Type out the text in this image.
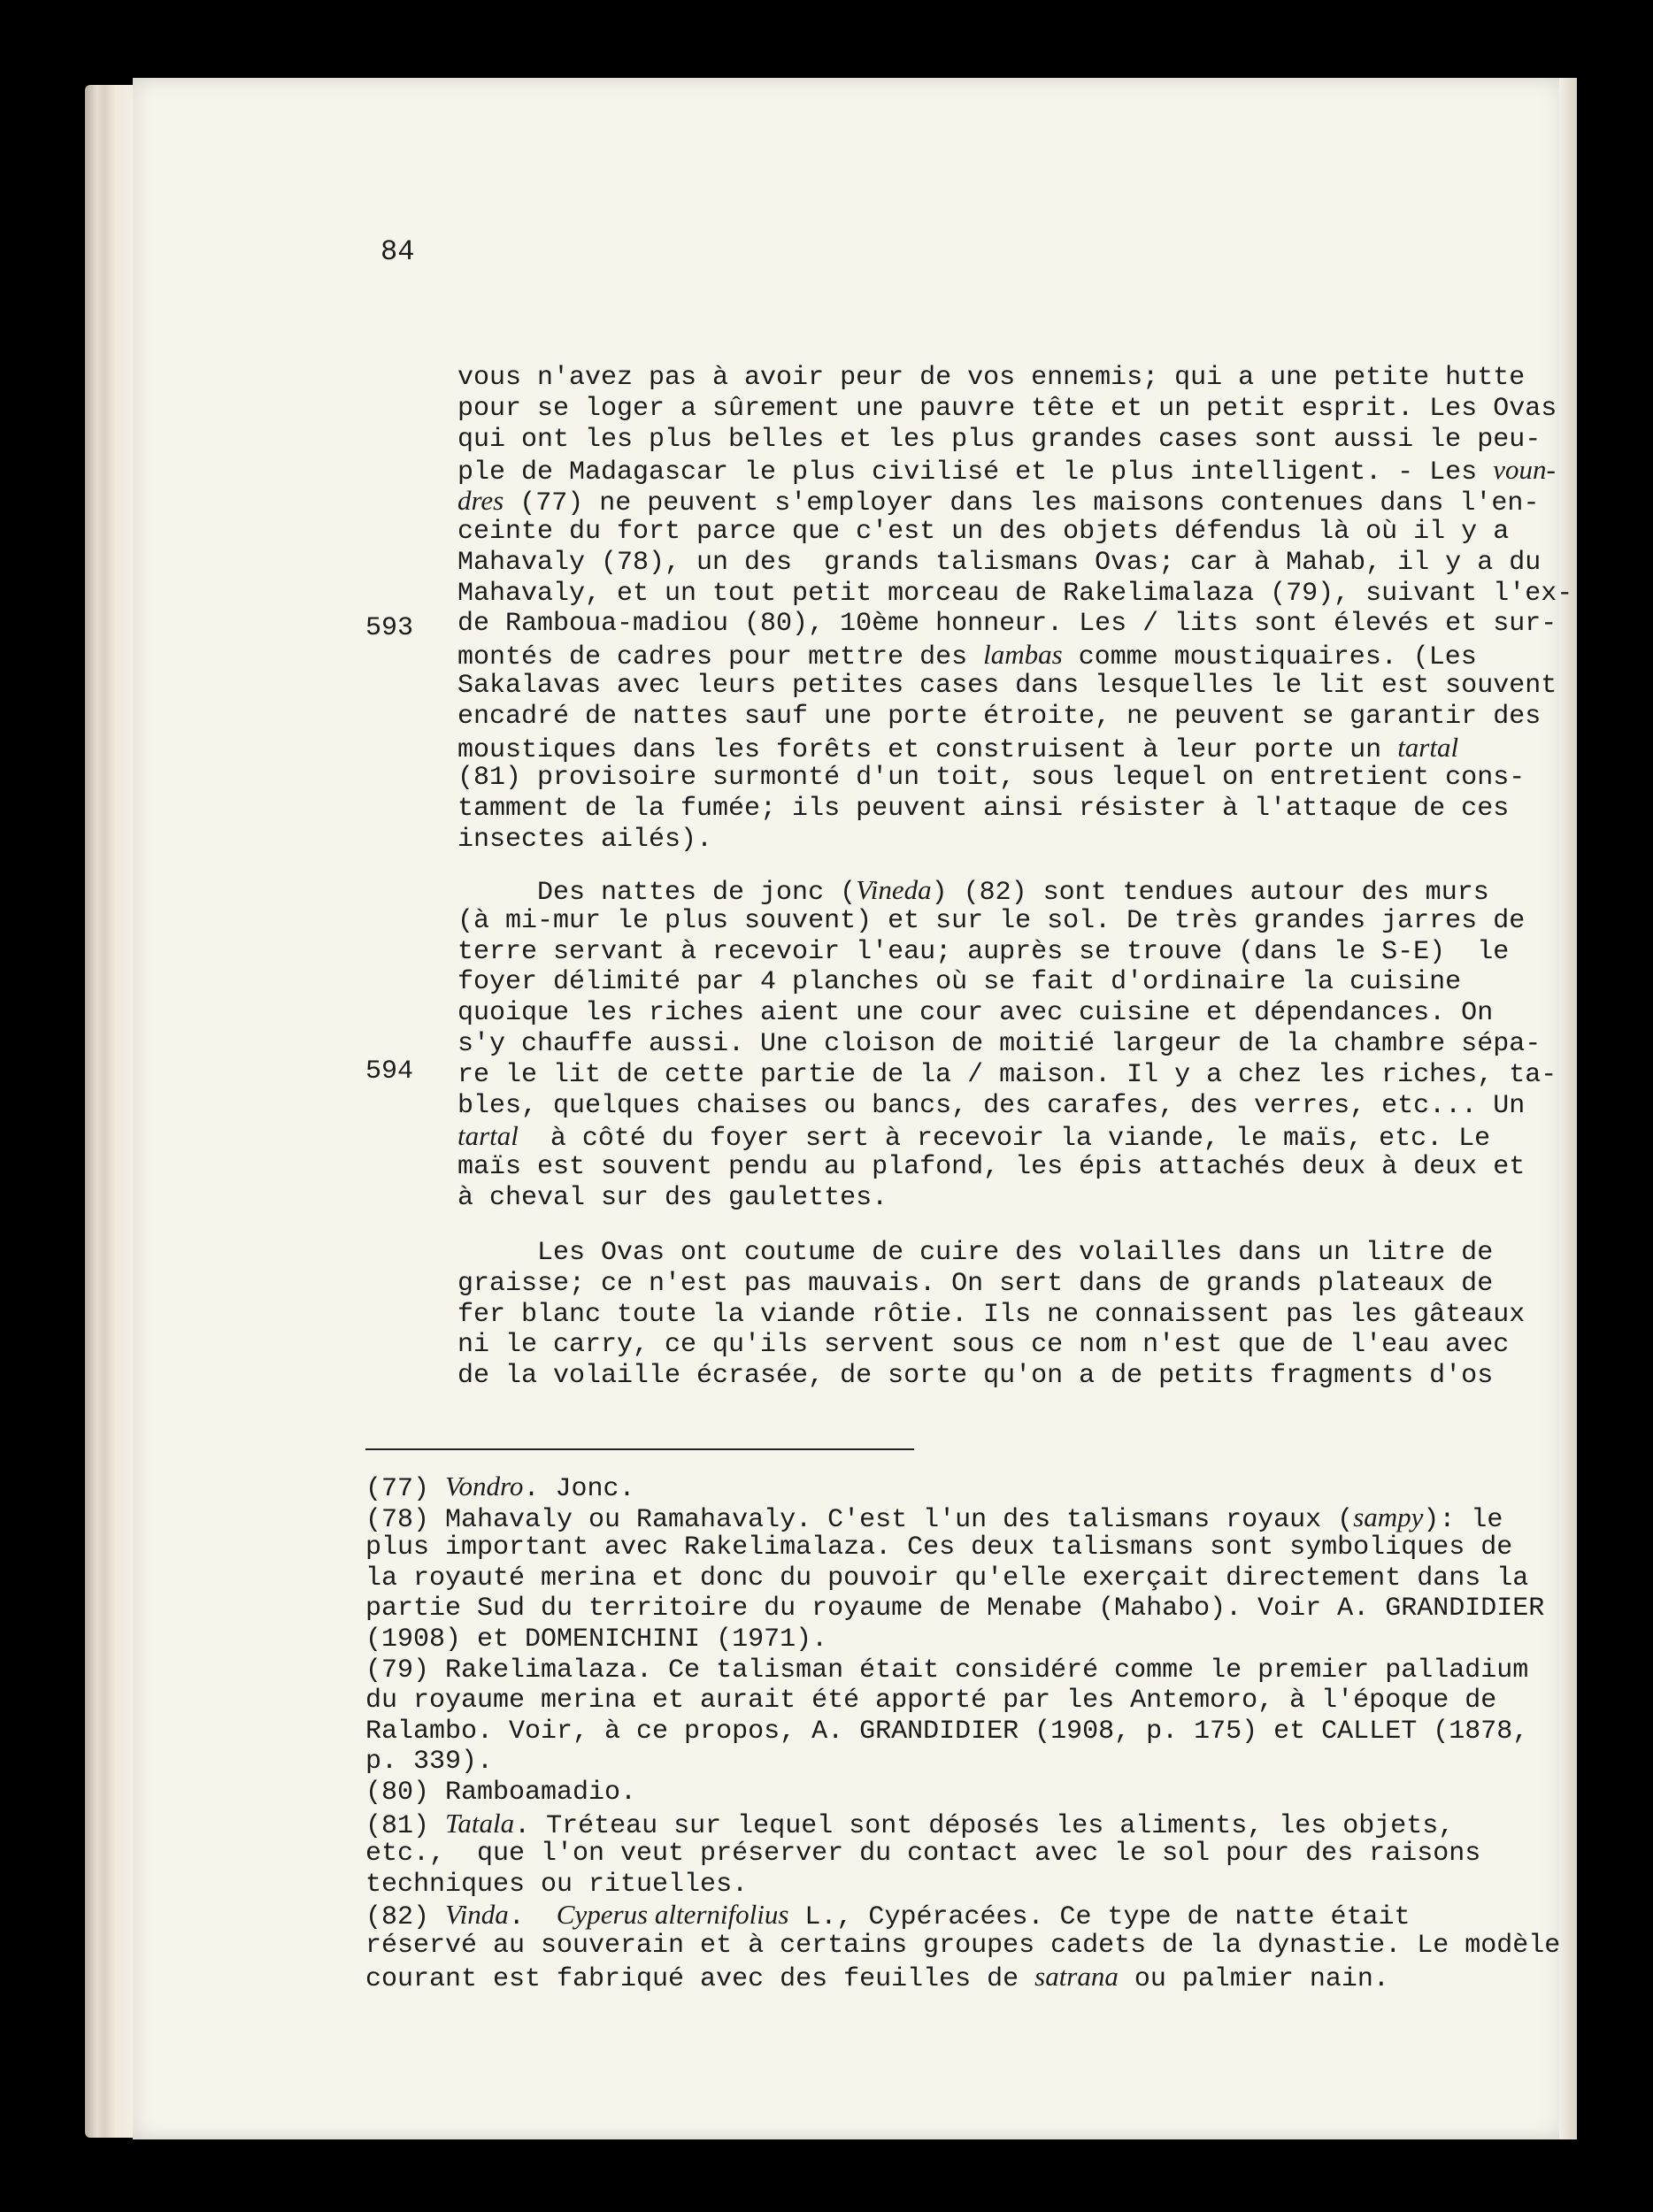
84
593
594
vous n'avez pas à avoir peur de vos ennemis; qui a une petite hutte
pour se loger a sûrement une pauvre tête et un petit esprit. Les Ovas
qui ont les plus belles et les plus grandes cases sont aussi le peu-
ple de Madagascar le plus civilisé et le plus intelligent. - Les voun-
dres (77) ne peuvent s'employer dans les maisons contenues dans l'en-
ceinte du fort parce que c'est un des objets défendus là où il y a
Mahavaly (78), un des  grands talismans Ovas; car à Mahab, il y a du
Mahavaly, et un tout petit morceau de Rakelimalaza (79), suivant l'ex-
de Ramboua-madiou (80), 10ème honneur. Les / lits sont élevés et sur-
montés de cadres pour mettre des lambas comme moustiquaires. (Les
Sakalavas avec leurs petites cases dans lesquelles le lit est souvent
encadré de nattes sauf une porte étroite, ne peuvent se garantir des
moustiques dans les forêts et construisent à leur porte un tartal
(81) provisoire surmonté d'un toit, sous lequel on entretient cons-
tamment de la fumée; ils peuvent ainsi résister à l'attaque de ces
insectes ailés).
Des nattes de jonc (Vineda) (82) sont tendues autour des murs
(à mi-mur le plus souvent) et sur le sol. De très grandes jarres de
terre servant à recevoir l'eau; auprès se trouve (dans le S-E)  le
foyer délimité par 4 planches où se fait d'ordinaire la cuisine
quoique les riches aient une cour avec cuisine et dépendances. On
s'y chauffe aussi. Une cloison de moitié largeur de la chambre sépa-
re le lit de cette partie de la / maison. Il y a chez les riches, ta-
bles, quelques chaises ou bancs, des carafes, des verres, etc... Un
tartal  à côté du foyer sert à recevoir la viande, le maïs, etc. Le
maïs est souvent pendu au plafond, les épis attachés deux à deux et
à cheval sur des gaulettes.
Les Ovas ont coutume de cuire des volailles dans un litre de
graisse; ce n'est pas mauvais. On sert dans de grands plateaux de
fer blanc toute la viande rôtie. Ils ne connaissent pas les gâteaux
ni le carry, ce qu'ils servent sous ce nom n'est que de l'eau avec
de la volaille écrasée, de sorte qu'on a de petits fragments d'os
(77) Vondro. Jonc.
(78) Mahavaly ou Ramahavaly. C'est l'un des talismans royaux (sampy): le
plus important avec Rakelimalaza. Ces deux talismans sont symboliques de
la royauté merina et donc du pouvoir qu'elle exerçait directement dans la
partie Sud du territoire du royaume de Menabe (Mahabo). Voir A. GRANDIDIER
(1908) et DOMENICHINI (1971).
(79) Rakelimalaza. Ce talisman était considéré comme le premier palladium
du royaume merina et aurait été apporté par les Antemoro, à l'époque de
Ralambo. Voir, à ce propos, A. GRANDIDIER (1908, p. 175) et CALLET (1878,
p. 339).
(80) Ramboamadio.
(81) Tatala. Tréteau sur lequel sont déposés les aliments, les objets,
etc.,  que l'on veut préserver du contact avec le sol pour des raisons
techniques ou rituelles.
(82) Vinda.  Cyperus alternifolius L., Cypéracées. Ce type de natte était
réservé au souverain et à certains groupes cadets de la dynastie. Le modèle
courant est fabriqué avec des feuilles de satrana ou palmier nain.
